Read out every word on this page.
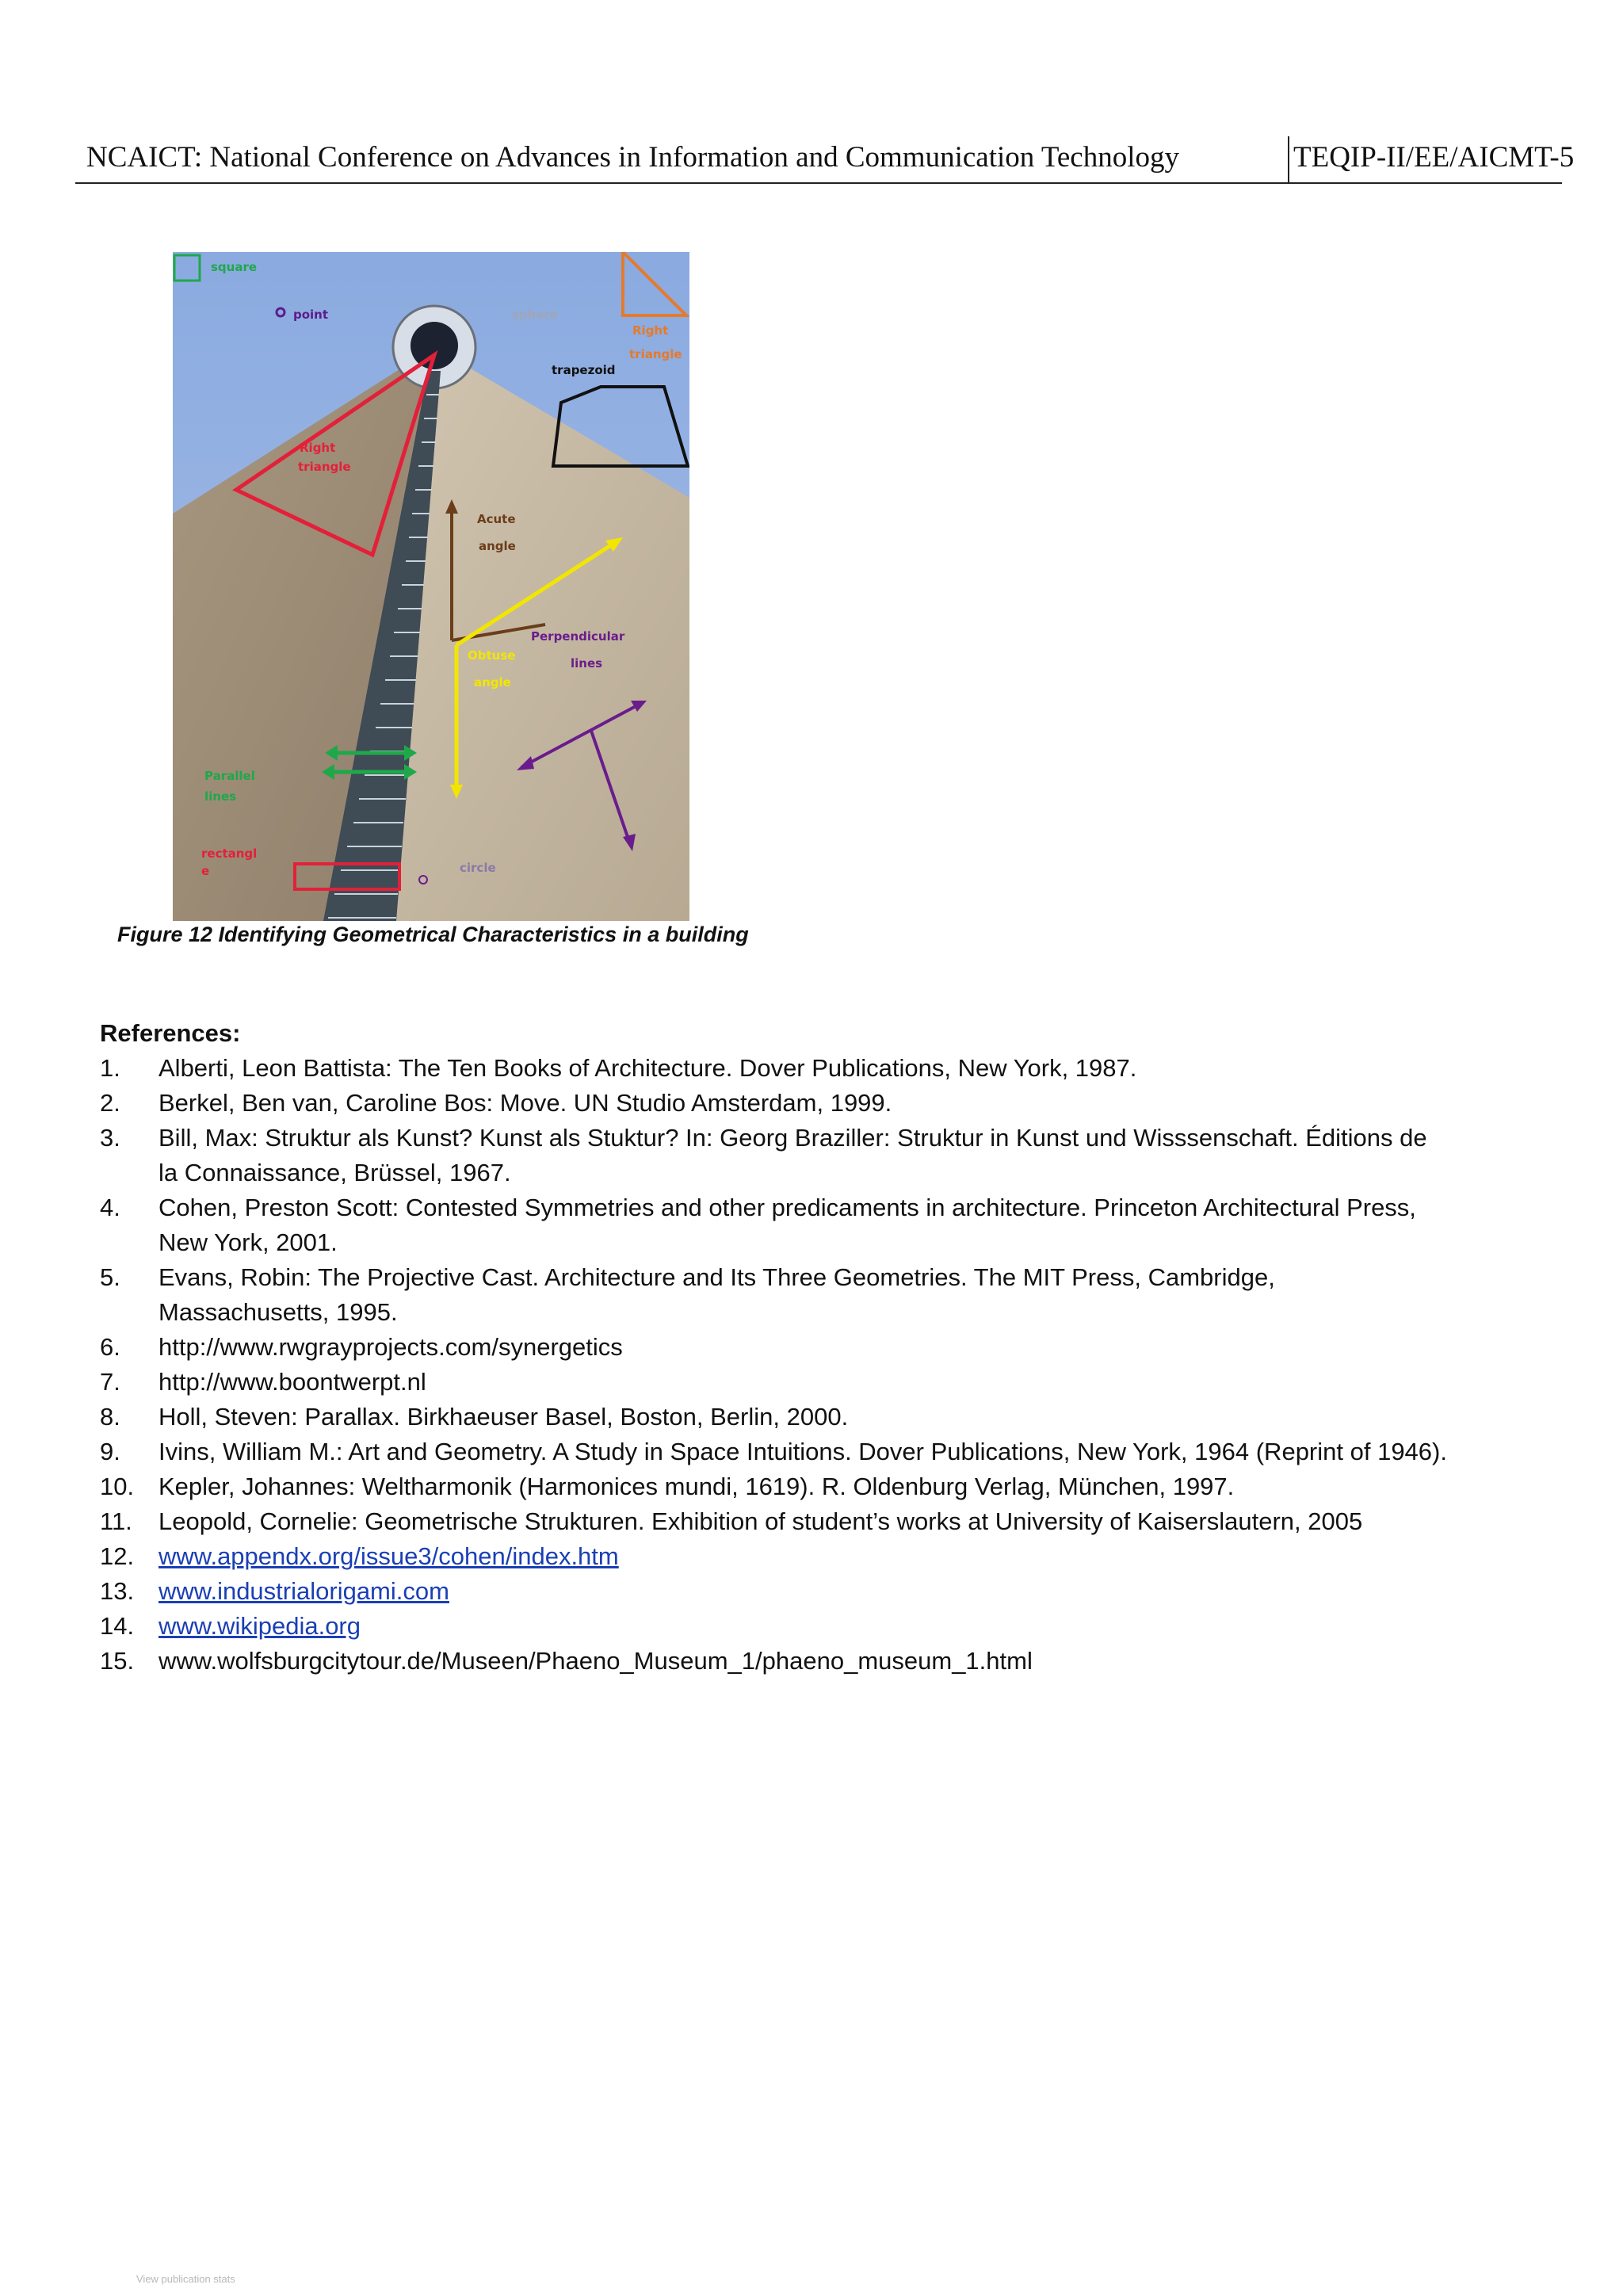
NCAICT: National Conference on Advances in Information and Communication Technology	TEQIP-II/EE/AICMT-5
square
point	sphere
Right
triangle
trapezoid
Right
triangle
Acute
angle
Obtuse
angle
Perpendicular
lines
Parallel
lines
rectangl
e	circle
Figure 12 Identifying Geometrical Characteristics in a building
References:
1. Alberti, Leon Battista: The Ten Books of Architecture. Dover Publications, New York, 1987.
2. Berkel, Ben van, Caroline Bos: Move. UN Studio Amsterdam, 1999.
3. Bill, Max: Struktur als Kunst? Kunst als Stuktur? In: Georg Braziller: Struktur in Kunst und Wisssenschaft. Éditions de la Connaissance, Brüssel, 1967.
4. Cohen, Preston Scott: Contested Symmetries and other predicaments in architecture. Princeton Architectural Press, New York, 2001.
5. Evans, Robin: The Projective Cast. Architecture and Its Three Geometries. The MIT Press, Cambridge, Massachusetts, 1995.
6. http://www.rwgrayprojects.com/synergetics
7. http://www.boontwerpt.nl
8. Holl, Steven: Parallax. Birkhaeuser Basel, Boston, Berlin, 2000.
9. Ivins, William M.: Art and Geometry. A Study in Space Intuitions. Dover Publications, New York, 1964 (Reprint of 1946).
10. Kepler, Johannes: Weltharmonik (Harmonices mundi, 1619). R. Oldenburg Verlag, München, 1997.
11. Leopold, Cornelie: Geometrische Strukturen. Exhibition of student’s works at University of Kaiserslautern, 2005
12. www.appendx.org/issue3/cohen/index.htm
13. www.industrialorigami.com
14. www.wikipedia.org
15. www.wolfsburgcitytour.de/Museen/Phaeno_Museum_1/phaeno_museum_1.html
View publication stats
